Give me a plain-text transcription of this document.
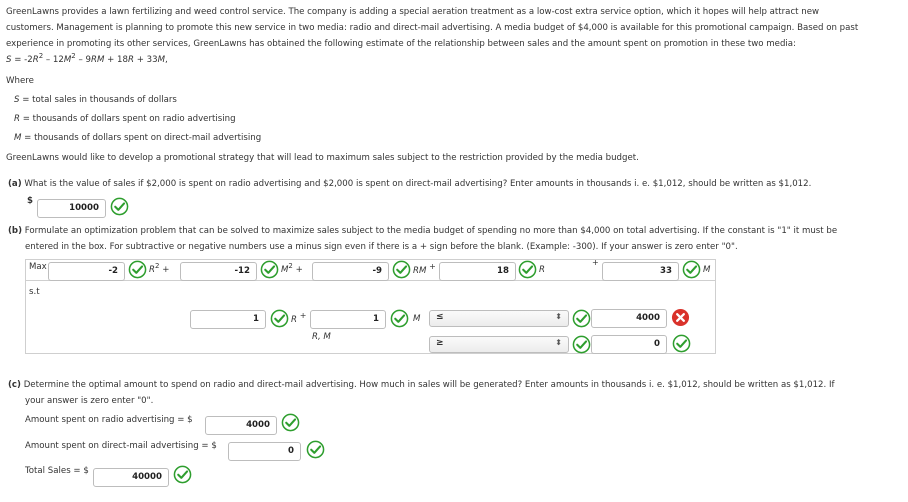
GreenLawns provides a lawn fertilizing and weed control service. The company is adding a special aeration treatment as a low-cost extra service option, which it hopes will help attract new
customers. Management is planning to promote this new service in two media: radio and direct-mail advertising. A media budget of $4,000 is available for this promotional campaign. Based on past
experience in promoting its other services, GreenLawns has obtained the following estimate of the relationship between sales and the amount spent on promotion in these two media:
$S = -2R^2 - 12M^2 - 9RM + 18R + 33M$,
Where
S = total sales in thousands of dollars
R = thousands of dollars spent on radio advertising
M = thousands of dollars spent on direct-mail advertising
GreenLawns would like to develop a promotional strategy that will lead to maximum sales subject to the restriction provided by the media budget.
(a) What is the value of sales if $2,000 is spent on radio advertising and $2,000 is spent on direct-mail advertising? Enter amounts in thousands i. e. $1,012, should be written as $1,012.
$
10000
(b) Formulate an optimization problem that can be solved to maximize sales subject to the media budget of spending no more than $4,000 on total advertising. If the constant is "1" it must be
entered in the box. For subtractive or negative numbers use a minus sign even if there is a + sign before the blank. (Example: -300). If your answer is zero enter "0".
Max	-2	$R^2$ +	-12	$M^2$ +	-9	RM +	18	R
+
33	M
s.t
1	R +	1	M ≤	⬍	4000
R, M
≥	⬍	0
(c) Determine the optimal amount to spend on radio and direct-mail advertising. How much in sales will be generated? Enter amounts in thousands i. e. $1,012, should be written as $1,012. If
your answer is zero enter "0".
Amount spent on radio advertising = $	4000
Amount spent on direct-mail advertising = $	0
Total Sales = $
40000
